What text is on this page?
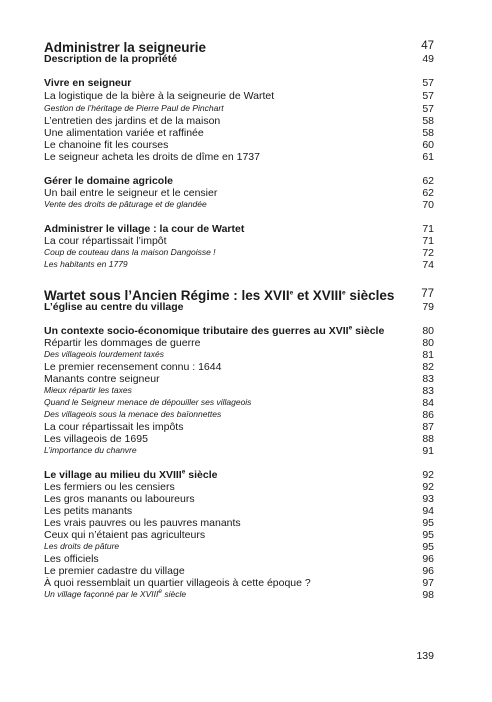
Administrer la seigneurie	47
Description de la propriété	49
Vivre en seigneur	57
La logistique de la bière à la seigneurie de Wartet	57
Gestion de l’héritage de Pierre Paul de Pinchart	57
L’entretien des jardins et de la maison	58
Une alimentation variée et raffinée	58
Le chanoine fit les courses	60
Le seigneur acheta les droits de dîme en 1737	61
Gérer le domaine agricole	62
Un bail entre le seigneur et le censier	62
Vente des droits de pâturage et de glandée	70
Administrer le village : la cour de Wartet	71
La cour répartissait l’impôt	71
Coup de couteau dans la maison Dangoisse !	72
Les habitants en 1779	74
Wartet sous l’Ancien Régime : les XVIIe et XVIIIe siècles 77
L’église au centre du village	79
Un contexte socio-économique tributaire des guerres au XVIIe siècle	80
Répartir les dommages de guerre	80
Des villageois lourdement taxés	81
Le premier recensement connu : 1644	82
Manants contre seigneur	83
Mieux répartir les taxes	83
Quand le Seigneur menace de dépouiller ses villageois	84
Des villageois sous la menace des baïonnettes	86
La cour répartissait les impôts	87
Les villageois de 1695	88
L’importance du chanvre	91
Le village au milieu du XVIIIe siècle	92
Les fermiers ou les censiers	92
Les gros manants ou laboureurs	93
Les petits manants	94
Les vrais pauvres ou les pauvres manants	95
Ceux qui n’étaient pas agriculteurs	95
Les droits de pâture	95
Les officiels	96
Le premier cadastre du village	96
À quoi ressemblait un quartier villageois à cette époque ?	97
Un village façonné par le XVIIIe siècle	98
139
